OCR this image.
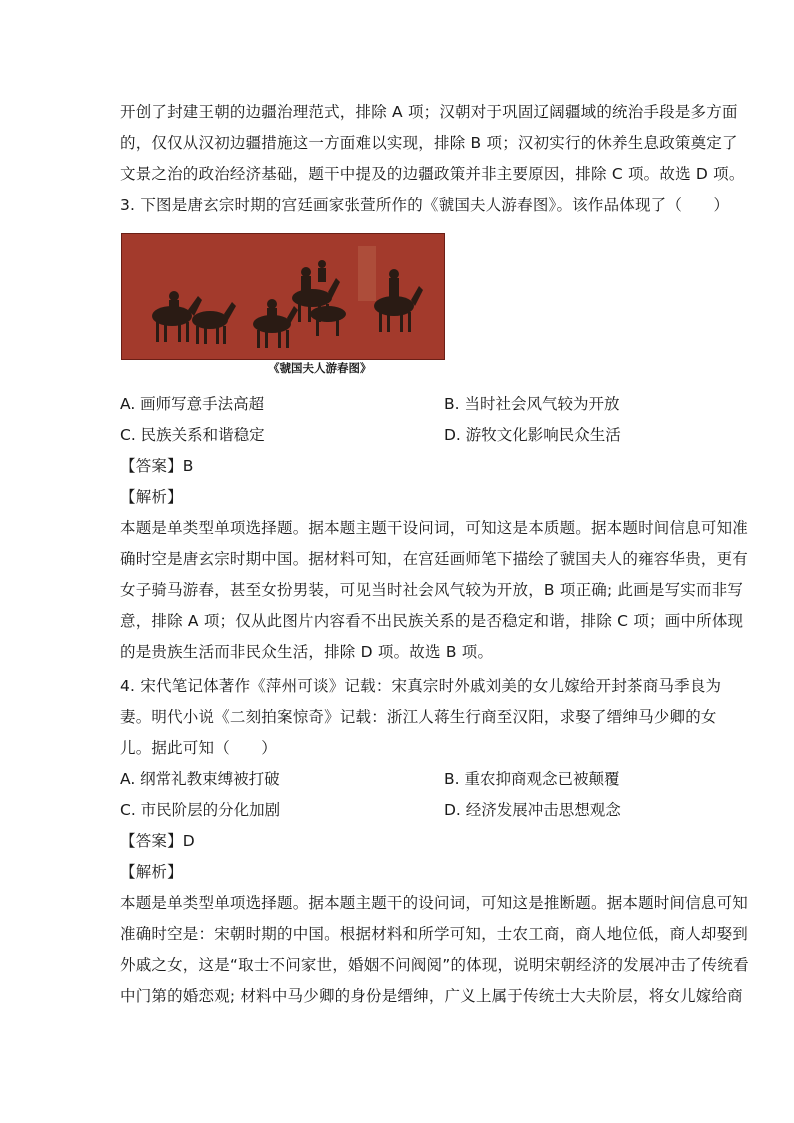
开创了封建王朝的边疆治理范式，排除 A 项；汉朝对于巩固辽阔疆域的统治手段是多方面
的，仅仅从汉初边疆措施这一方面难以实现，排除 B 项；汉初实行的休养生息政策奠定了
文景之治的政治经济基础，题干中提及的边疆政策并非主要原因，排除 C 项。故选 D 项。
3. 下图是唐玄宗时期的宫廷画家张萱所作的《虢国夫人游春图》。该作品体现了（　　）
《虢国夫人游春图》
A. 画师写意手法高超	B. 当时社会风气较为开放
C. 民族关系和谐稳定	D. 游牧文化影响民众生活
【答案】B
【解析】
本题是单类型单项选择题。据本题主题干设问词，可知这是本质题。据本题时间信息可知准
确时空是唐玄宗时期中国。据材料可知，在宫廷画师笔下描绘了虢国夫人的雍容华贵，更有
女子骑马游春，甚至女扮男装，可见当时社会风气较为开放，B 项正确; 此画是写实而非写
意，排除 A 项；仅从此图片内容看不出民族关系的是否稳定和谐，排除 C 项；画中所体现
的是贵族生活而非民众生活，排除 D 项。故选 B 项。
4. 宋代笔记体著作《萍州可谈》记载：宋真宗时外戚刘美的女儿嫁给开封茶商马季良为
妻。明代小说《二刻拍案惊奇》记载：浙江人蒋生行商至汉阳，求娶了缙绅马少卿的女
儿。据此可知（　　）
A. 纲常礼教束缚被打破	B. 重农抑商观念已被颠覆
C. 市民阶层的分化加剧	D. 经济发展冲击思想观念
【答案】D
【解析】
本题是单类型单项选择题。据本题主题干的设问词，可知这是推断题。据本题时间信息可知
准确时空是：宋朝时期的中国。根据材料和所学可知，士农工商，商人地位低，商人却娶到
外戚之女，这是“取士不问家世，婚姻不问阀阅”的体现，说明宋朝经济的发展冲击了传统看
中门第的婚恋观; 材料中马少卿的身份是缙绅，广义上属于传统士大夫阶层，将女儿嫁给商
